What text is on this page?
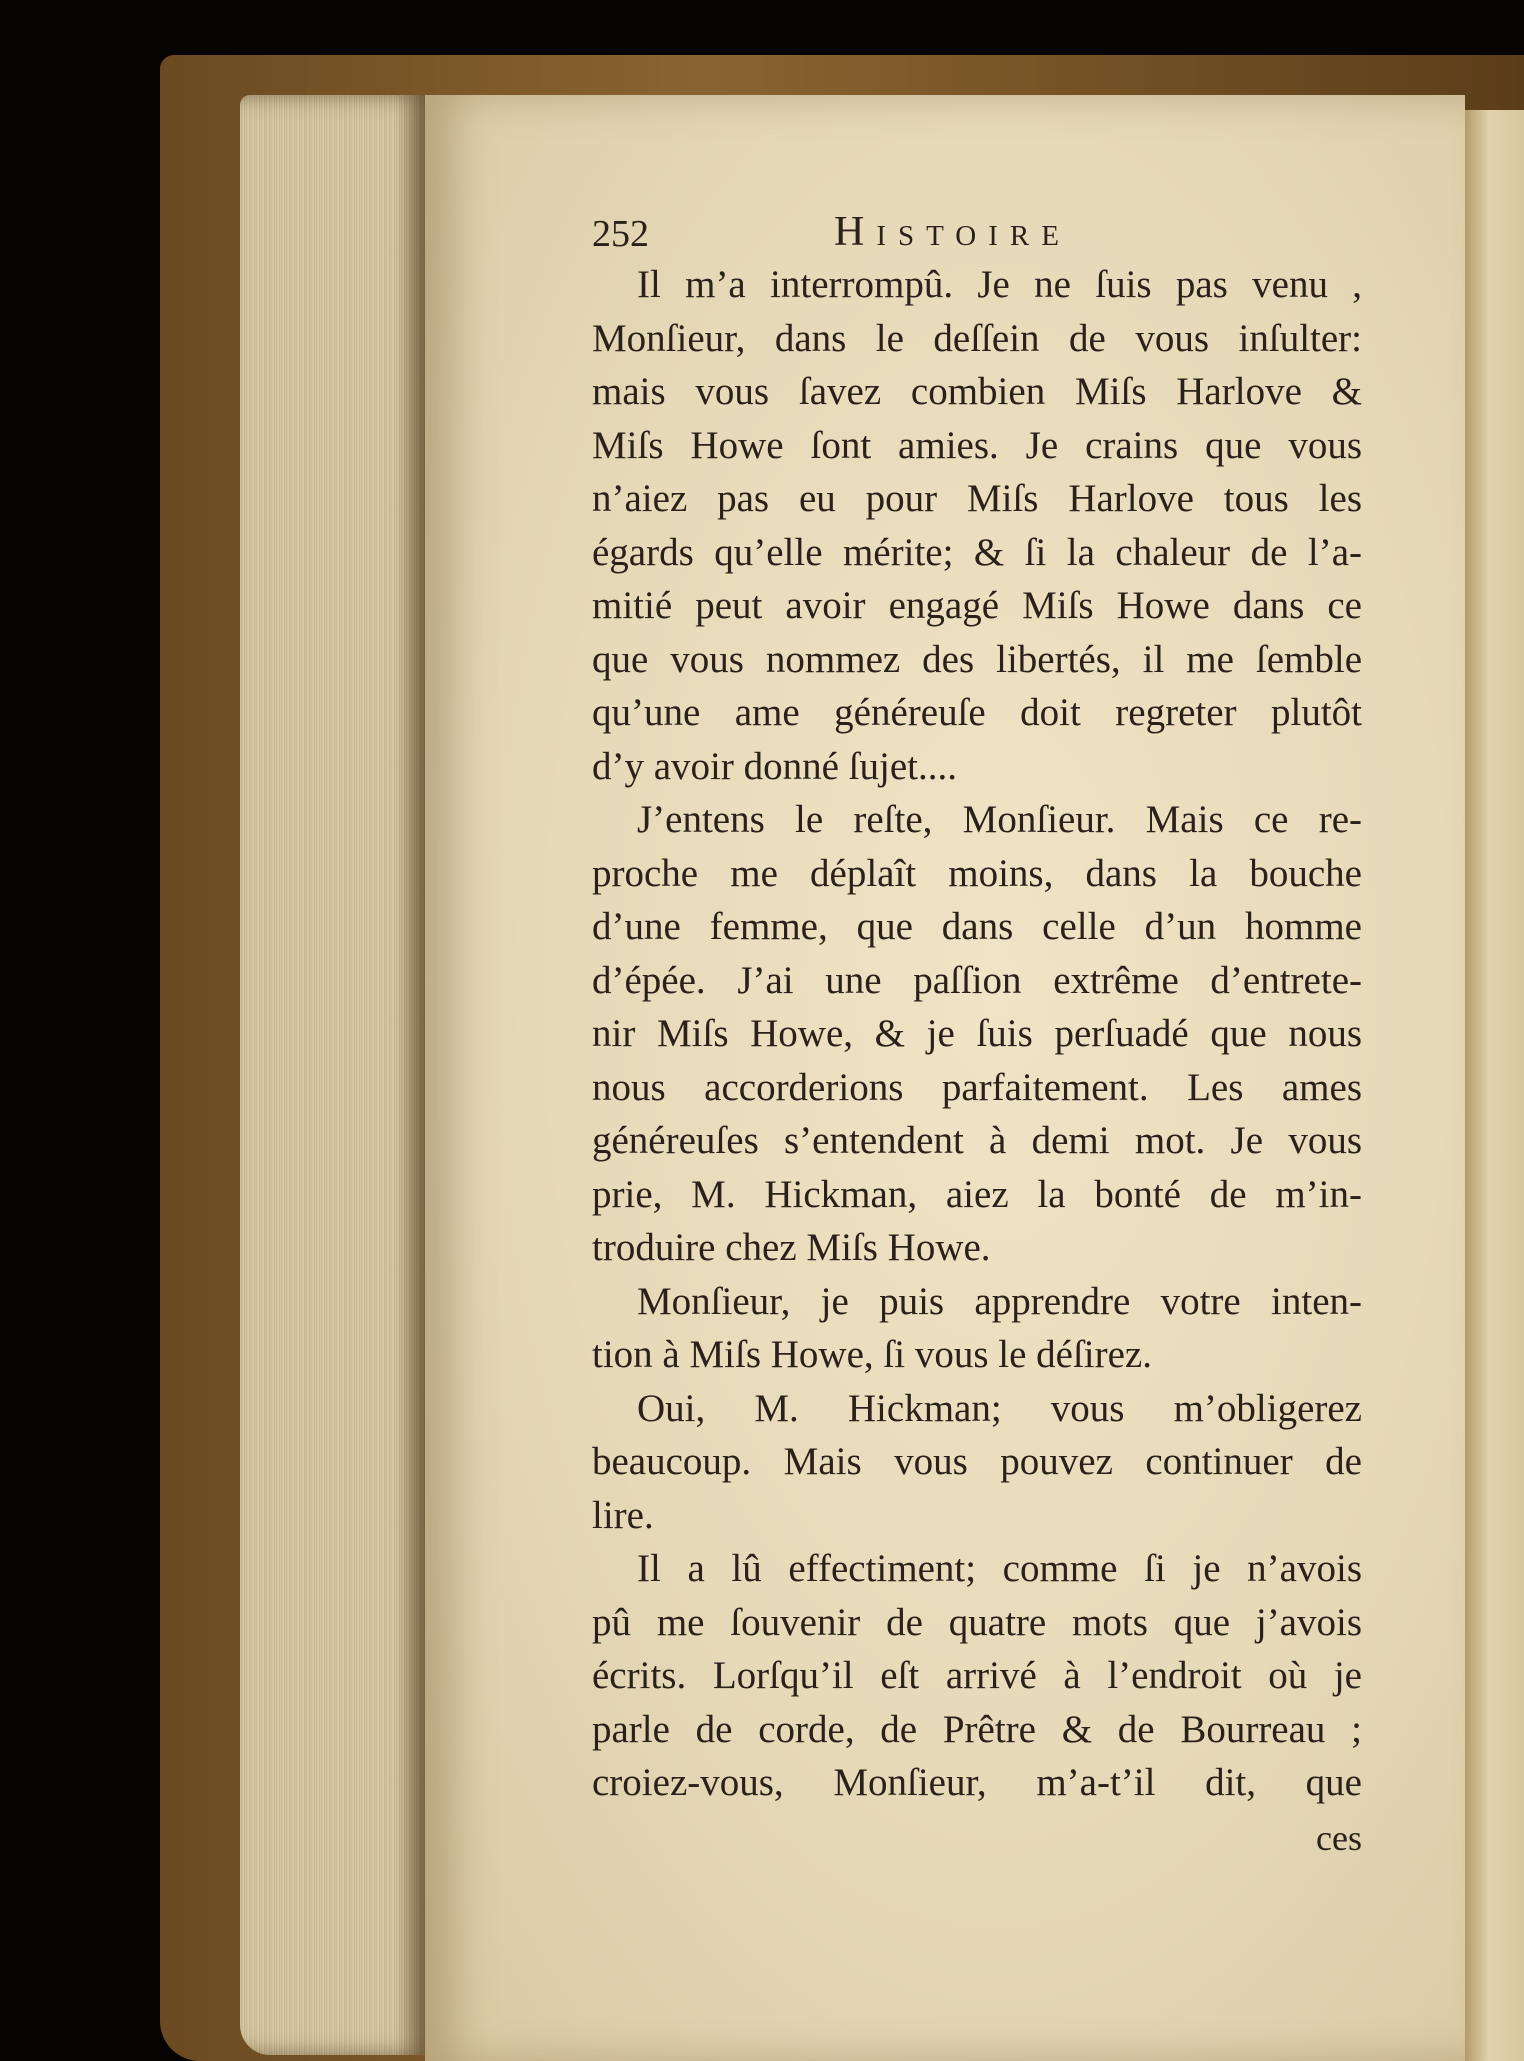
252	Histoire
Il m’a interrompû. Je ne ſuis pas venu ,
Monſieur, dans le deſſein de vous inſulter:
mais vous ſavez combien Miſs Harlove &
Miſs Howe ſont amies. Je crains que vous
n’aiez pas eu pour Miſs Harlove tous les
égards qu’elle mérite; & ſi la chaleur de l’a-
mitié peut avoir engagé Miſs Howe dans ce
que vous nommez des libertés, il me ſemble
qu’une ame généreuſe doit regreter plutôt
d’y avoir donné ſujet....
J’entens le reſte, Monſieur. Mais ce re-
proche me déplaît moins, dans la bouche
d’une femme, que dans celle d’un homme
d’épée. J’ai une paſſion extrême d’entrete-
nir Miſs Howe, & je ſuis perſuadé que nous
nous accorderions parfaitement. Les ames
généreuſes s’entendent à demi mot. Je vous
prie, M. Hickman, aiez la bonté de m’in-
troduire chez Miſs Howe.
Monſieur, je puis apprendre votre inten-
tion à Miſs Howe, ſi vous le déſirez.
Oui, M. Hickman; vous m’obligerez
beaucoup. Mais vous pouvez continuer de
lire.
Il a lû effectiment; comme ſi je n’avois
pû me ſouvenir de quatre mots que j’avois
écrits. Lorſqu’il eſt arrivé à l’endroit où je
parle de corde, de Prêtre & de Bourreau ;
croiez-vous, Monſieur, m’a-t’il dit, que
ces
